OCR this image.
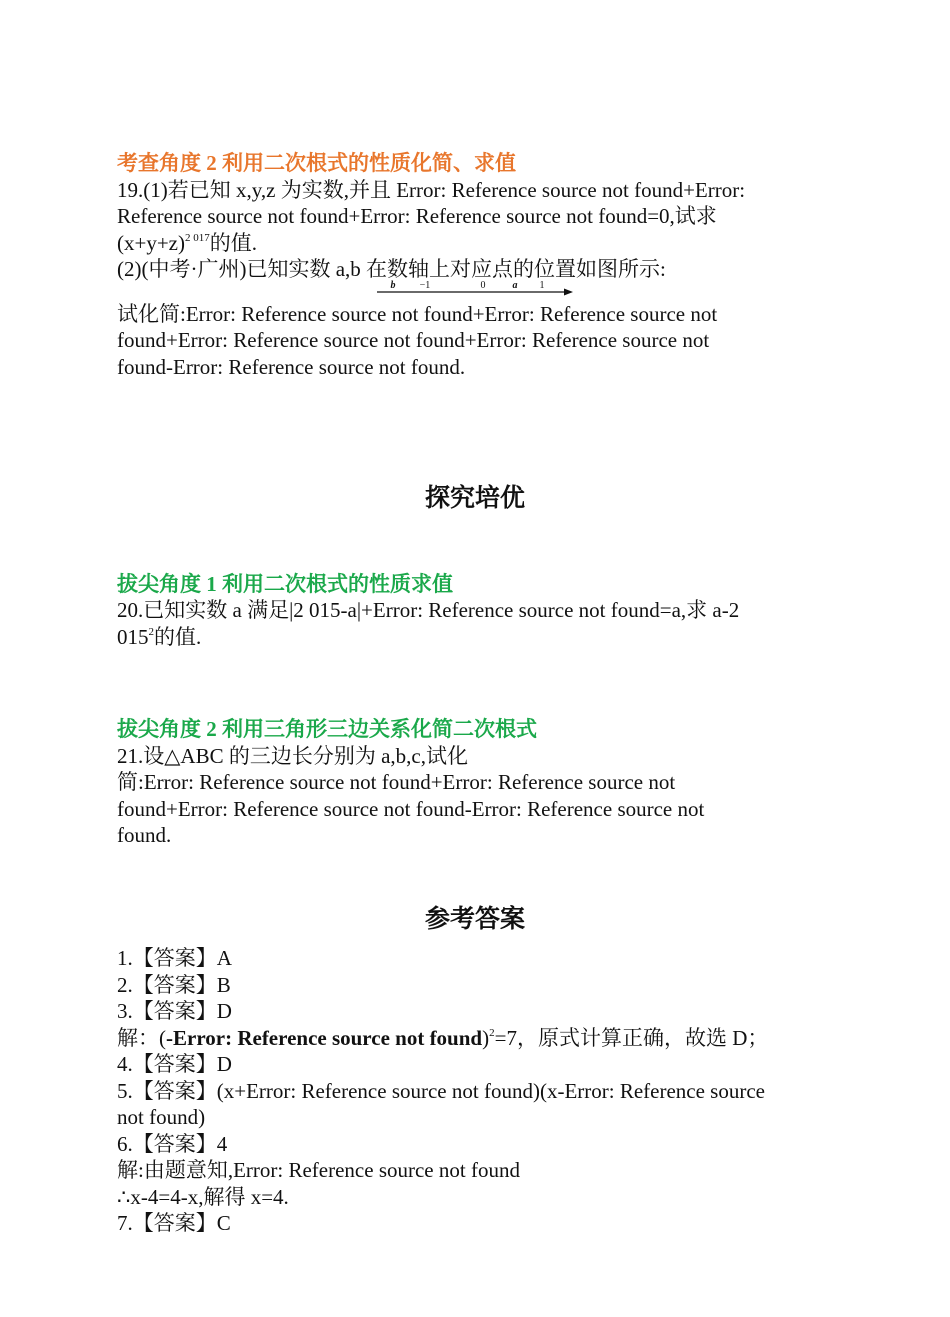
考查角度 2 利用二次根式的性质化简、求值

19.(1)若已知 x,y,z 为实数,并且 Error: Reference source not found+Error:

Reference source not found+Error: Reference source not found=0,试求

$(x+y+z)^{2 017}$的值.

(2)(中考·广州)已知实数 a,b 在数轴上对应点的位置如图所示:

b −1	0	a 1

试化简:Error: Reference source not found+Error: Reference source not

found+Error: Reference source not found+Error: Reference source not

found-Error: Reference source not found.

探究培优

拔尖角度 1 利用二次根式的性质求值

20.已知实数 a 满足|2 015-a|+Error: Reference source not found=a,求 a-2

$015^2$的值.

拔尖角度 2 利用三角形三边关系化简二次根式

21.设△ABC 的三边长分别为 a,b,c,试化

简:Error: Reference source not found+Error: Reference source not

found+Error: Reference source not found-Error: Reference source not

found.

参考答案

1.【答案】A

2.【答案】B

3.【答案】D

解：(-Error: Reference source not found)$^2$=7，原式计算正确，故选 D；

4.【答案】D

5.【答案】(x+Error: Reference source not found)(x-Error: Reference source

not found)

6.【答案】4

解:由题意知,Error: Reference source not found

∴x-4=4-x,解得 x=4.

7.【答案】C
